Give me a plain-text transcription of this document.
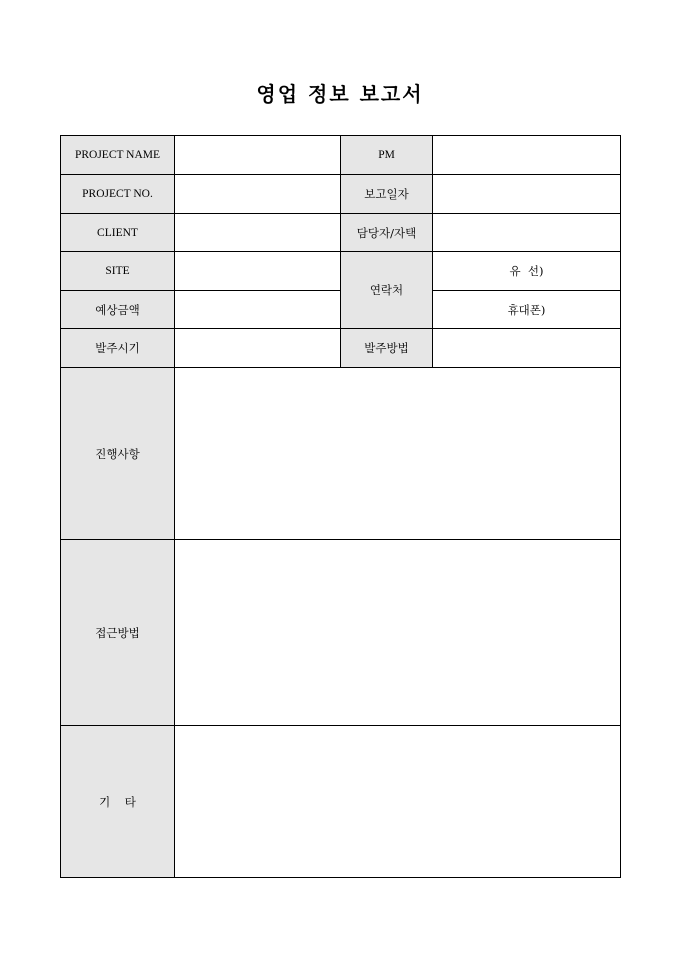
영업 정보 보고서
PROJECT NAME		PM	
PROJECT NO.		보고일자	
CLIENT		담당자/자택	
SITE		연락처	유  선)
예상금액			휴대폰)
발주시기		발주방법	
진행사항			
접근방법			
기    타			
